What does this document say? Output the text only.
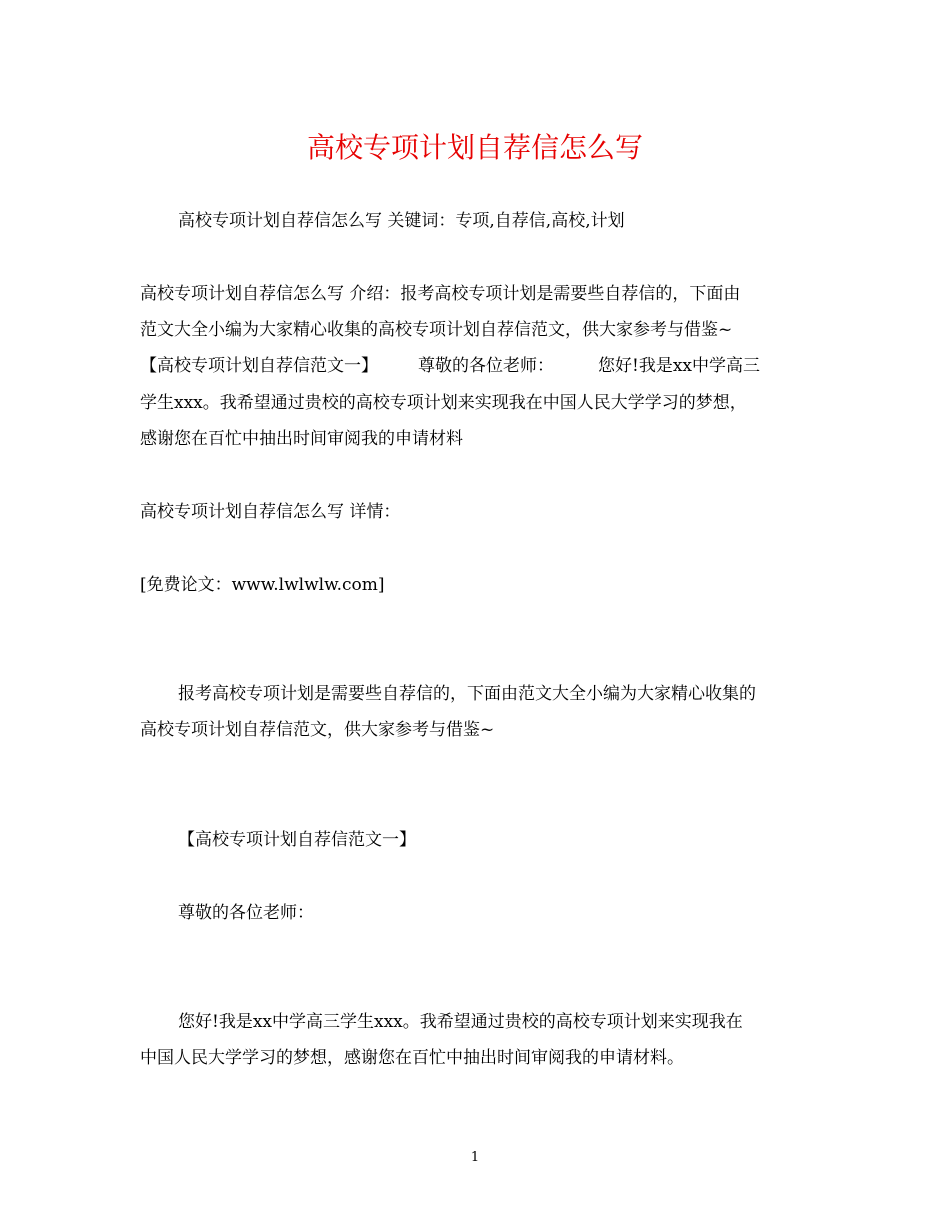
高校专项计划自荐信怎么写
高校专项计划自荐信怎么写 关键词：专项,自荐信,高校,计划
高校专项计划自荐信怎么写 介绍：报考高校专项计划是需要些自荐信的，下面由
范文大全小编为大家精心收集的高校专项计划自荐信范文，供大家参考与借鉴~
【高校专项计划自荐信范文一】 尊敬的各位老师：	您好!我是xx中学高三
学生xxx。我希望通过贵校的高校专项计划来实现我在中国人民大学学习的梦想，
感谢您在百忙中抽出时间审阅我的申请材料
高校专项计划自荐信怎么写 详情：
[免费论文：www.lwlwlw.com]
报考高校专项计划是需要些自荐信的，下面由范文大全小编为大家精心收集的
高校专项计划自荐信范文，供大家参考与借鉴~
【高校专项计划自荐信范文一】
尊敬的各位老师：
您好!我是xx中学高三学生xxx。我希望通过贵校的高校专项计划来实现我在
中国人民大学学习的梦想，感谢您在百忙中抽出时间审阅我的申请材料。
1
